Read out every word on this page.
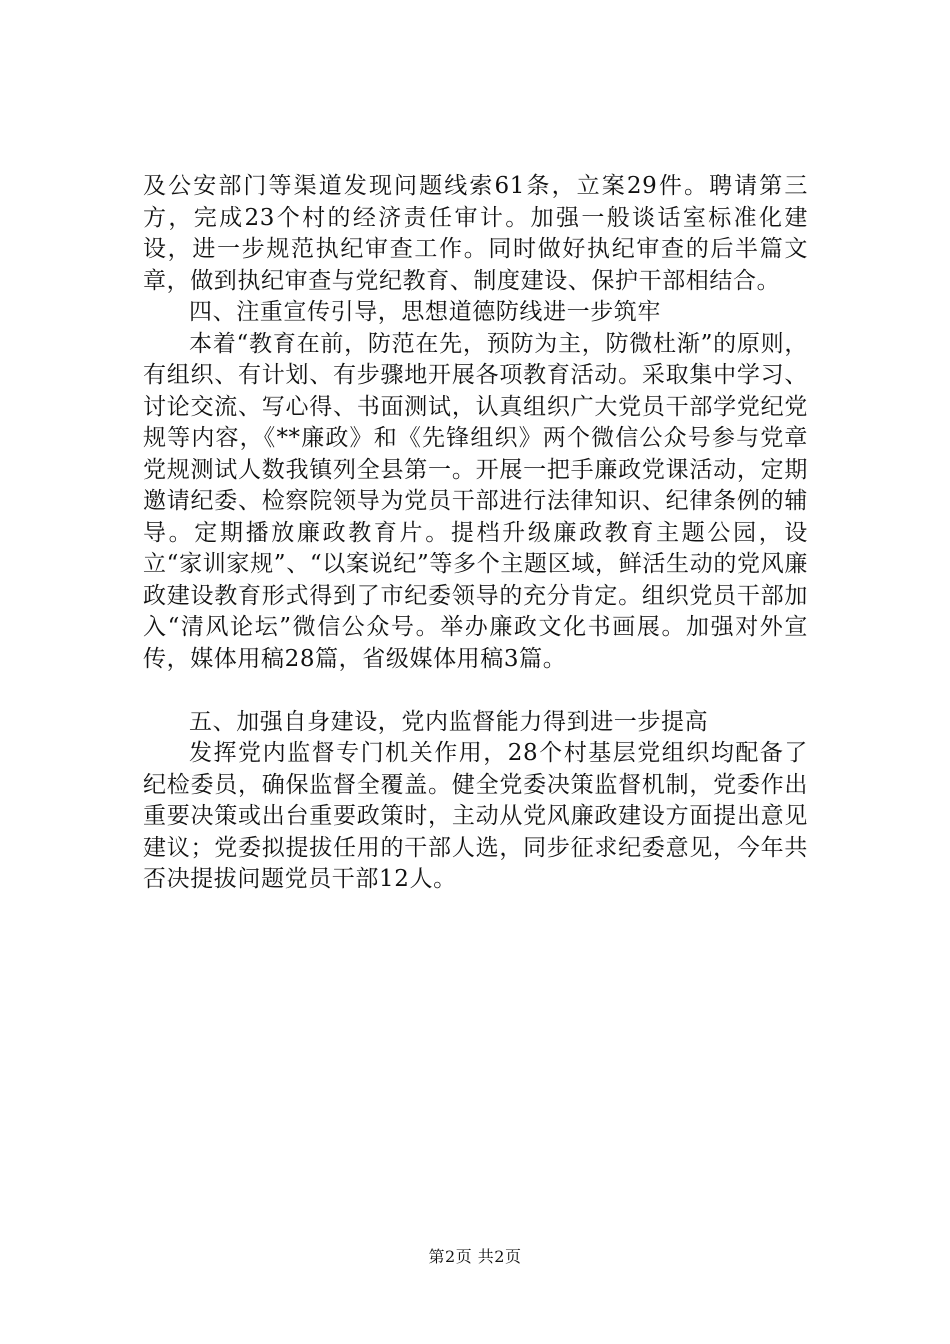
及公安部门等渠道发现问题线索61条，立案29件。聘请第三方，完成23个村的经济责任审计。加强一般谈话室标准化建设，进一步规范执纪审查工作。同时做好执纪审查的后半篇文章，做到执纪审查与党纪教育、制度建设、保护干部相结合。

四、注重宣传引导，思想道德防线进一步筑牢

本着“教育在前，防范在先，预防为主，防微杜渐”的原则，有组织、有计划、有步骤地开展各项教育活动。采取集中学习、讨论交流、写心得、书面测试，认真组织广大党员干部学党纪党规等内容，《**廉政》和《先锋组织》两个微信公众号参与党章党规测试人数我镇列全县第一。开展一把手廉政党课活动，定期邀请纪委、检察院领导为党员干部进行法律知识、纪律条例的辅导。定期播放廉政教育片。提档升级廉政教育主题公园，设立“家训家规”、“以案说纪”等多个主题区域，鲜活生动的党风廉政建设教育形式得到了市纪委领导的充分肯定。组织党员干部加入“清风论坛”微信公众号。举办廉政文化书画展。加强对外宣传，媒体用稿28篇，省级媒体用稿3篇。

五、加强自身建设，党内监督能力得到进一步提高

发挥党内监督专门机关作用，28个村基层党组织均配备了纪检委员，确保监督全覆盖。健全党委决策监督机制，党委作出重要决策或出台重要政策时，主动从党风廉政建设方面提出意见建议；党委拟提拔任用的干部人选，同步征求纪委意见，今年共否决提拔问题党员干部12人。

第2页 共2页
